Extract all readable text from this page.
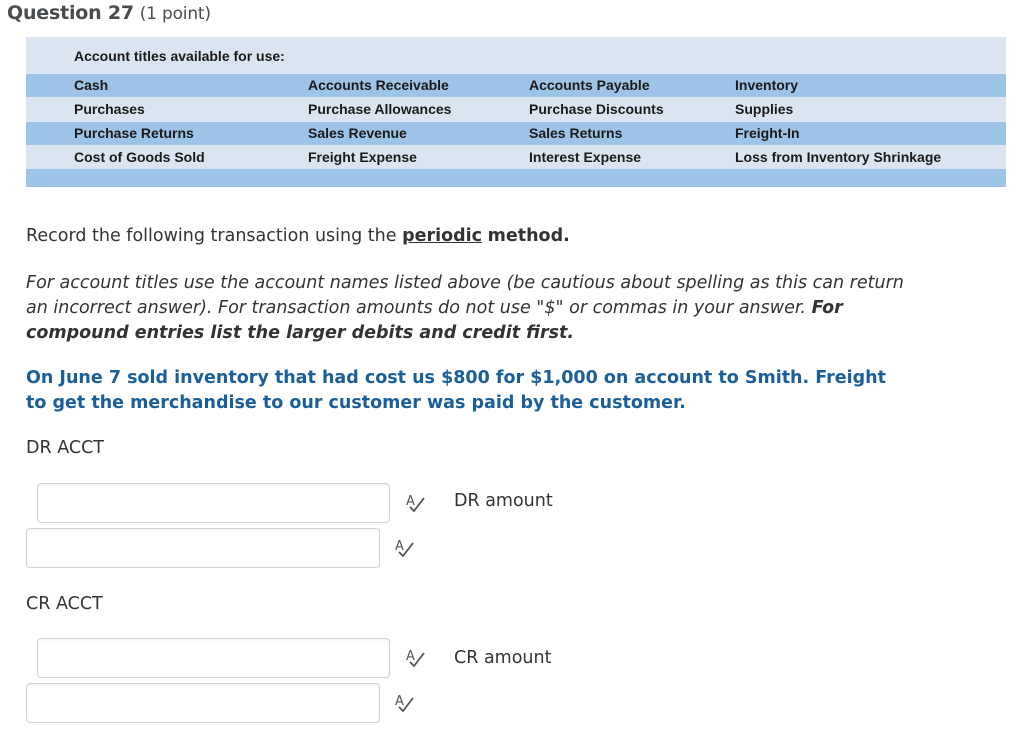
Question 27 (1 point)
Account titles available for use:
Cash	Accounts Receivable	Accounts Payable	Inventory
Purchases	Purchase Allowances	Purchase Discounts	Supplies
Purchase Returns	Sales Revenue	Sales Returns	Freight-In
Cost of Goods Sold	Freight Expense	Interest Expense	Loss from Inventory Shrinkage
Record the following transaction using the periodic method.
For account titles use the account names listed above (be cautious about spelling as this can return an incorrect answer). For transaction amounts do not use "$" or commas in your answer. For compound entries list the larger debits and credit first.
On June 7 sold inventory that had cost us $800 for $1,000 on account to Smith. Freight to get the merchandise to our customer was paid by the customer.
DR ACCT
A DR amount
A
CR ACCT
A CR amount
A
